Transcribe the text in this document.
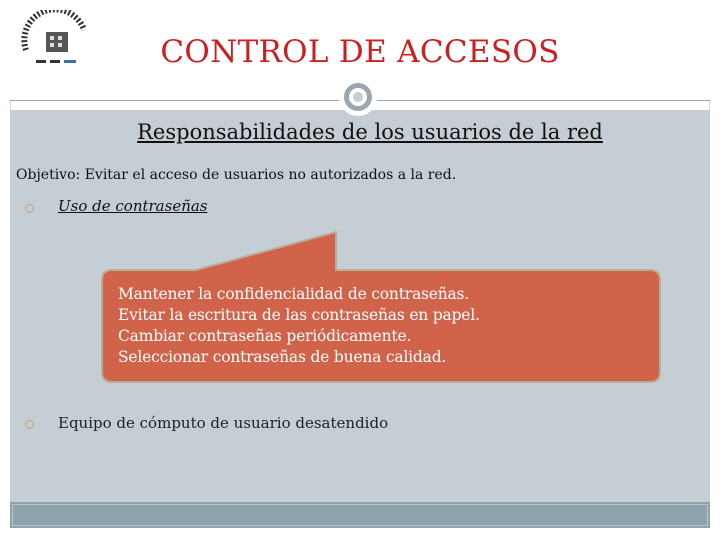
CONTROL DE ACCESOS
Responsabilidades de los usuarios de la red
Objetivo: Evitar el acceso de usuarios no autorizados a la red.
Uso de contraseñas
Mantener la confidencialidad de contraseñas.
Evitar la escritura de las contraseñas en papel.
Cambiar contraseñas periódicamente.
Seleccionar contraseñas de buena calidad.
Equipo de cómputo de usuario desatendido
